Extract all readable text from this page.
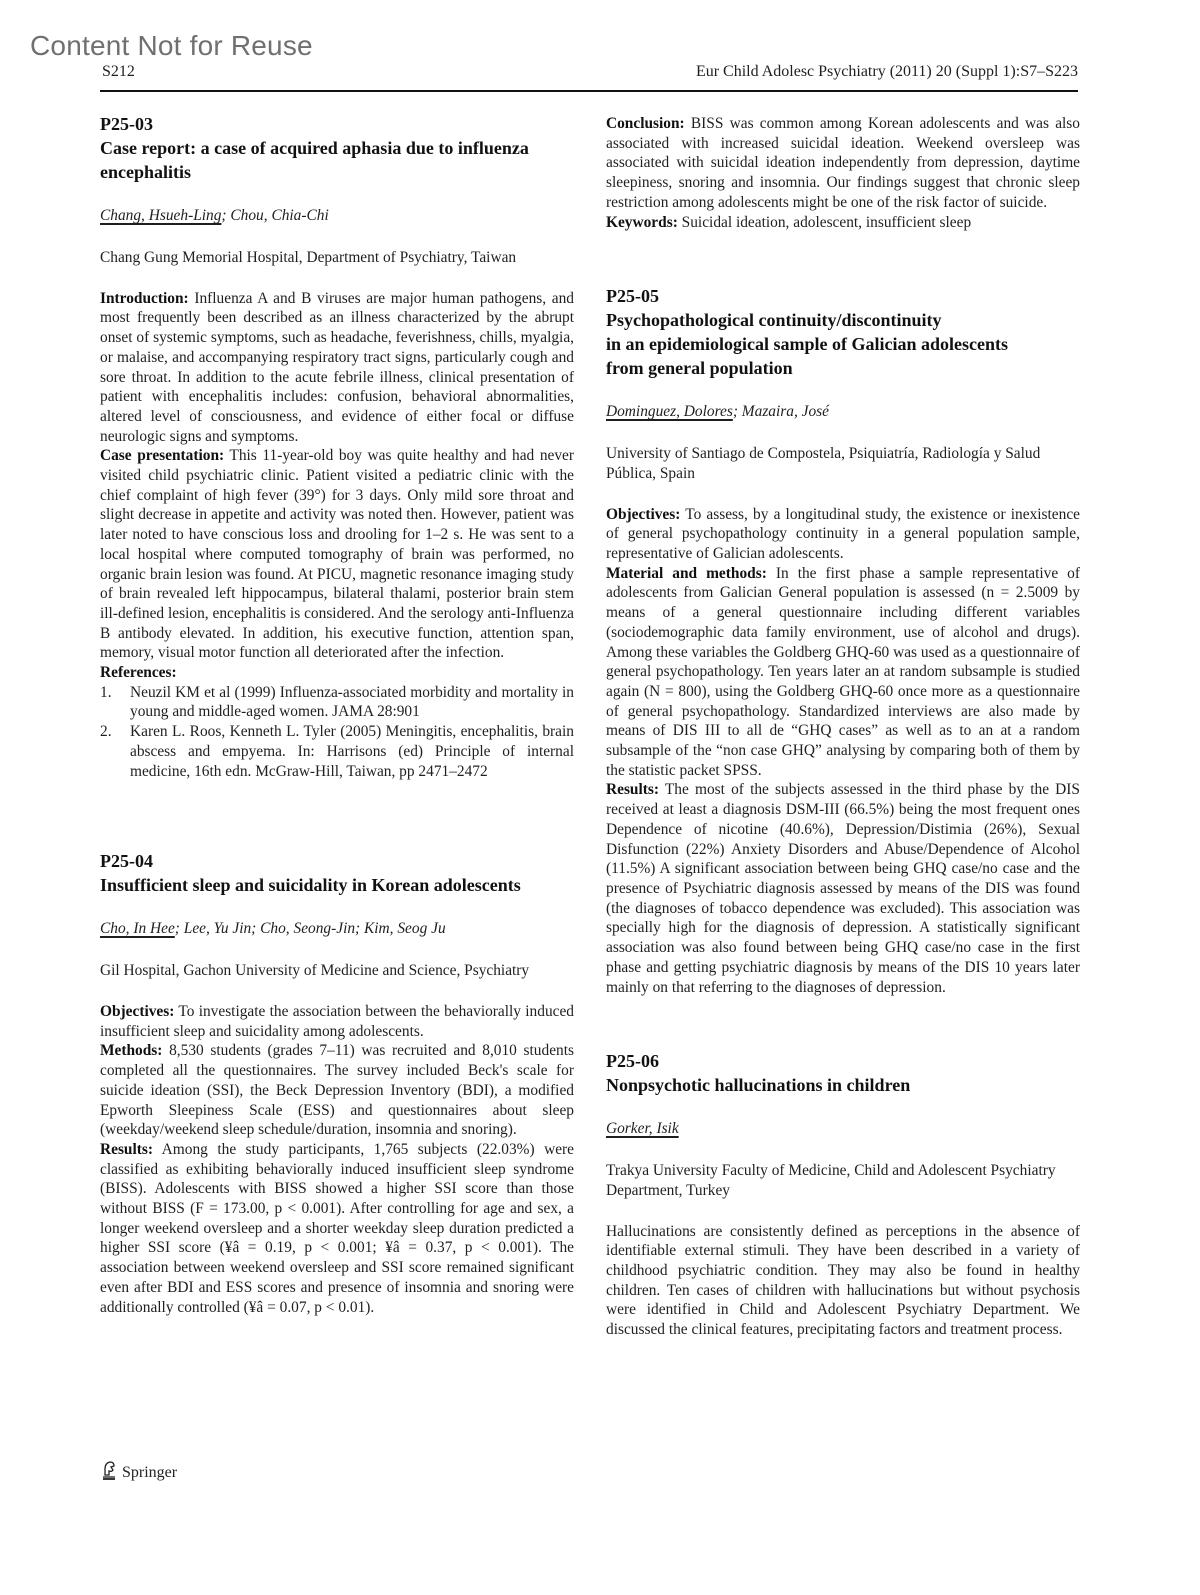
Content Not for Reuse
S212	Eur Child Adolesc Psychiatry (2011) 20 (Suppl 1):S7–S223
P25-03
Case report: a case of acquired aphasia due to influenza encephalitis
Chang, Hsueh-Ling; Chou, Chia-Chi
Chang Gung Memorial Hospital, Department of Psychiatry, Taiwan

Introduction: Influenza A and B viruses are major human pathogens, and most frequently been described as an illness characterized by the abrupt onset of systemic symptoms, such as headache, feverishness, chills, myalgia, or malaise, and accompanying respiratory tract signs, particularly cough and sore throat. In addition to the acute febrile illness, clinical presentation of patient with encephalitis includes: confusion, behavioral abnormalities, altered level of consciousness, and evidence of either focal or diffuse neurologic signs and symptoms.

Case presentation: This 11-year-old boy was quite healthy and had never visited child psychiatric clinic. Patient visited a pediatric clinic with the chief complaint of high fever (39°) for 3 days. Only mild sore throat and slight decrease in appetite and activity was noted then. However, patient was later noted to have conscious loss and drooling for 1–2 s. He was sent to a local hospital where computed tomography of brain was performed, no organic brain lesion was found. At PICU, magnetic resonance imaging study of brain revealed left hippocampus, bilateral thalami, posterior brain stem ill-defined lesion, encephalitis is considered. And the serology anti-Influenza B antibody elevated. In addition, his executive function, attention span, memory, visual motor function all deteriorated after the infection.

References:
1. Neuzil KM et al (1999) Influenza-associated morbidity and mortality in young and middle-aged women. JAMA 28:901
2. Karen L. Roos, Kenneth L. Tyler (2005) Meningitis, encephalitis, brain abscess and empyema. In: Harrisons (ed) Principle of internal medicine, 16th edn. McGraw-Hill, Taiwan, pp 2471–2472
P25-04
Insufficient sleep and suicidality in Korean adolescents
Cho, In Hee; Lee, Yu Jin; Cho, Seong-Jin; Kim, Seog Ju
Gil Hospital, Gachon University of Medicine and Science, Psychiatry

Objectives: To investigate the association between the behaviorally induced insufficient sleep and suicidality among adolescents.

Methods: 8,530 students (grades 7–11) was recruited and 8,010 students completed all the questionnaires. The survey included Beck's scale for suicide ideation (SSI), the Beck Depression Inventory (BDI), a modified Epworth Sleepiness Scale (ESS) and questionnaires about sleep (weekday/weekend sleep schedule/duration, insomnia and snoring).

Results: Among the study participants, 1,765 subjects (22.03%) were classified as exhibiting behaviorally induced insufficient sleep syndrome (BISS). Adolescents with BISS showed a higher SSI score than those without BISS (F = 173.00, p < 0.001). After controlling for age and sex, a longer weekend oversleep and a shorter weekday sleep duration predicted a higher SSI score (¥â = 0.19, p < 0.001; ¥â = 0.37, p < 0.001). The association between weekend oversleep and SSI score remained significant even after BDI and ESS scores and presence of insomnia and snoring were additionally controlled (¥â = 0.07, p < 0.01).

Conclusion: BISS was common among Korean adolescents and was also associated with increased suicidal ideation. Weekend oversleep was associated with suicidal ideation independently from depression, daytime sleepiness, snoring and insomnia. Our findings suggest that chronic sleep restriction among adolescents might be one of the risk factor of suicide.

Keywords: Suicidal ideation, adolescent, insufficient sleep

P25-05
Psychopathological continuity/discontinuity
in an epidemiological sample of Galician adolescents
from general population
Dominguez, Dolores; Mazaira, José
University of Santiago de Compostela, Psiquiatría, Radiología y Salud Pública, Spain

Objectives: To assess, by a longitudinal study, the existence or inexistence of general psychopathology continuity in a general population sample, representative of Galician adolescents.

Material and methods: In the first phase a sample representative of adolescents from Galician General population is assessed (n = 2.5009 by means of a general questionnaire including different variables (sociodemographic data family environment, use of alcohol and drugs). Among these variables the Goldberg GHQ-60 was used as a questionnaire of general psychopathology. Ten years later an at random subsample is studied again (N = 800), using the Goldberg GHQ-60 once more as a questionnaire of general psychopathology. Standardized interviews are also made by means of DIS III to all de “GHQ cases” as well as to an at a random subsample of the “non case GHQ” analysing by comparing both of them by the statistic packet SPSS.

Results: The most of the subjects assessed in the third phase by the DIS received at least a diagnosis DSM-III (66.5%) being the most frequent ones Dependence of nicotine (40.6%), Depression/Distimia (26%), Sexual Disfunction (22%) Anxiety Disorders and Abuse/Dependence of Alcohol (11.5%) A significant association between being GHQ case/no case and the presence of Psychiatric diagnosis assessed by means of the DIS was found (the diagnoses of tobacco dependence was excluded). This association was specially high for the diagnosis of depression. A statistically significant association was also found between being GHQ case/no case in the first phase and getting psychiatric diagnosis by means of the DIS 10 years later mainly on that referring to the diagnoses of depression.

P25-06
Nonpsychotic hallucinations in children
Gorker, Isik
Trakya University Faculty of Medicine, Child and Adolescent Psychiatry Department, Turkey

Hallucinations are consistently defined as perceptions in the absence of identifiable external stimuli. They have been described in a variety of childhood psychiatric condition. They may also be found in healthy children. Ten cases of children with hallucinations but without psychosis were identified in Child and Adolescent Psychiatry Department. We discussed the clinical features, precipitating factors and treatment process.

Springer
